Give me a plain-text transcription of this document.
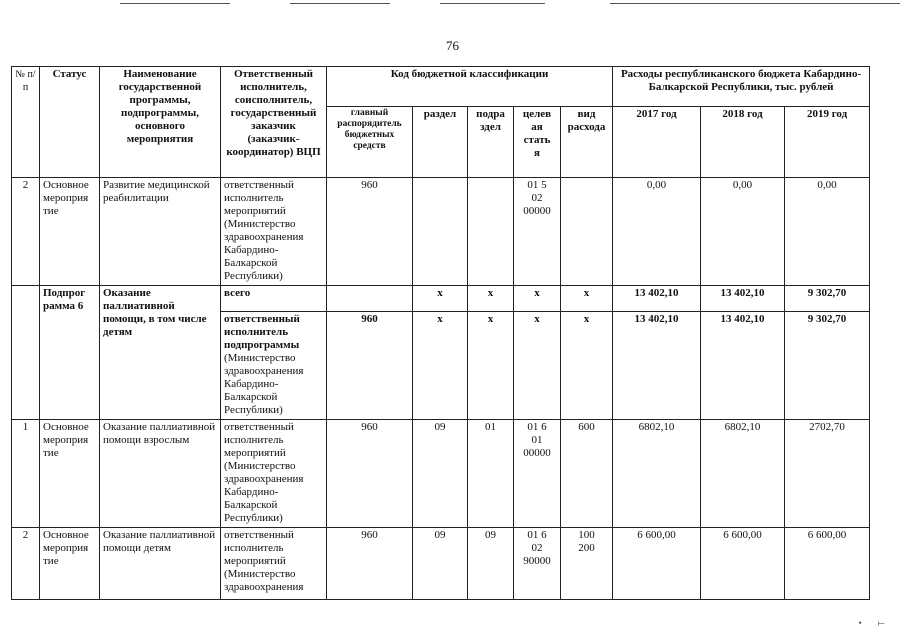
76
№ п/п	Статус	Наименование государственной программы, подпрограммы, основного мероприятия	Ответственный исполнитель, соисполнитель, государственный заказчик (заказчик-координатор) ВЦП	Код бюджетной классификации					Расходы республиканского бюджета Кабардино-Балкарской Республики, тыс. рублей		
				главный распорядитель бюджетных средств	раздел	подра
здел	целев
ая
стать
я	вид
расхода	2017 год	2018 год	2019 год
2	Основное
мероприя
тие	Развитие медицинской реабилитации	ответственный исполнитель мероприятий (Министерство здравоохранения Кабардино-Балкарской Республики)	960			01 5
02
00000		0,00	0,00	0,00
	Подпрог
рамма 6	Оказание паллиативной помощи, в том числе детям	всего		x	x	x	x	13 402,10	13 402,10	9 302,70
			ответственный исполнитель подпрограммы (Министерство здравоохранения Кабардино-Балкарской Республики)	960	x	x	x	x	13 402,10	13 402,10	9 302,70
1	Основное
мероприя
тие	Оказание паллиативной помощи взрослым	ответственный исполнитель мероприятий (Министерство здравоохранения Кабардино-Балкарской Республики)	960	09	01	01 6
01
00000	600	6802,10	6802,10	2702,70
2	Основное
мероприя
тие	Оказание паллиативной помощи детям	ответственный исполнитель мероприятий (Министерство здравоохранения	960	09	09	01 6
02
90000	100
200	6 600,00	6 600,00	6 600,00
•       ⟝
